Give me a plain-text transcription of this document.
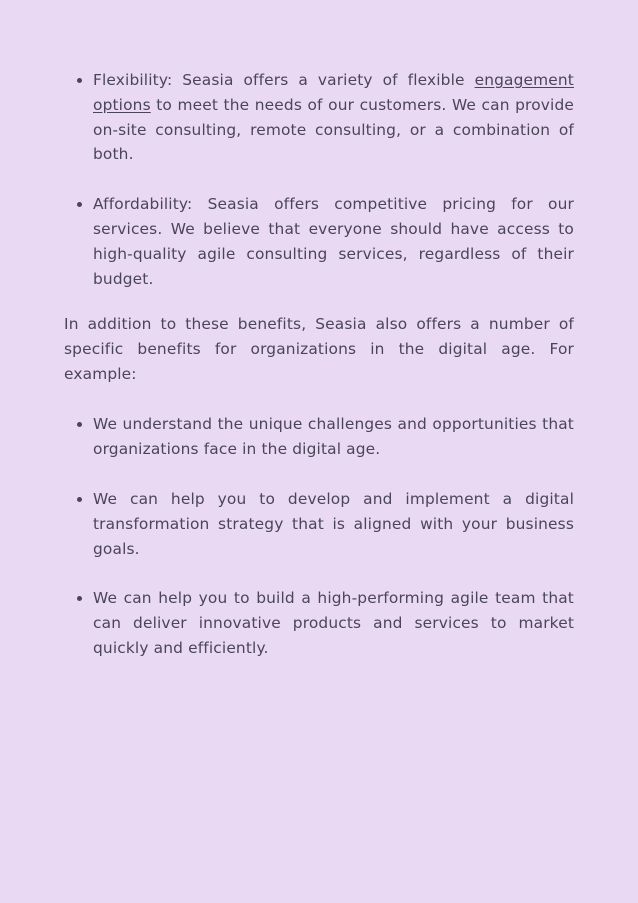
Flexibility: Seasia offers a variety of flexible engagement options to meet the needs of our customers. We can provide on-site consulting, remote consulting, or a combination of both.
Affordability: Seasia offers competitive pricing for our services. We believe that everyone should have access to high-quality agile consulting services, regardless of their budget.

In addition to these benefits, Seasia also offers a number of specific benefits for organizations in the digital age. For example:

We understand the unique challenges and opportunities that organizations face in the digital age.
We can help you to develop and implement a digital transformation strategy that is aligned with your business goals.
We can help you to build a high-performing agile team that can deliver innovative products and services to market quickly and efficiently.
